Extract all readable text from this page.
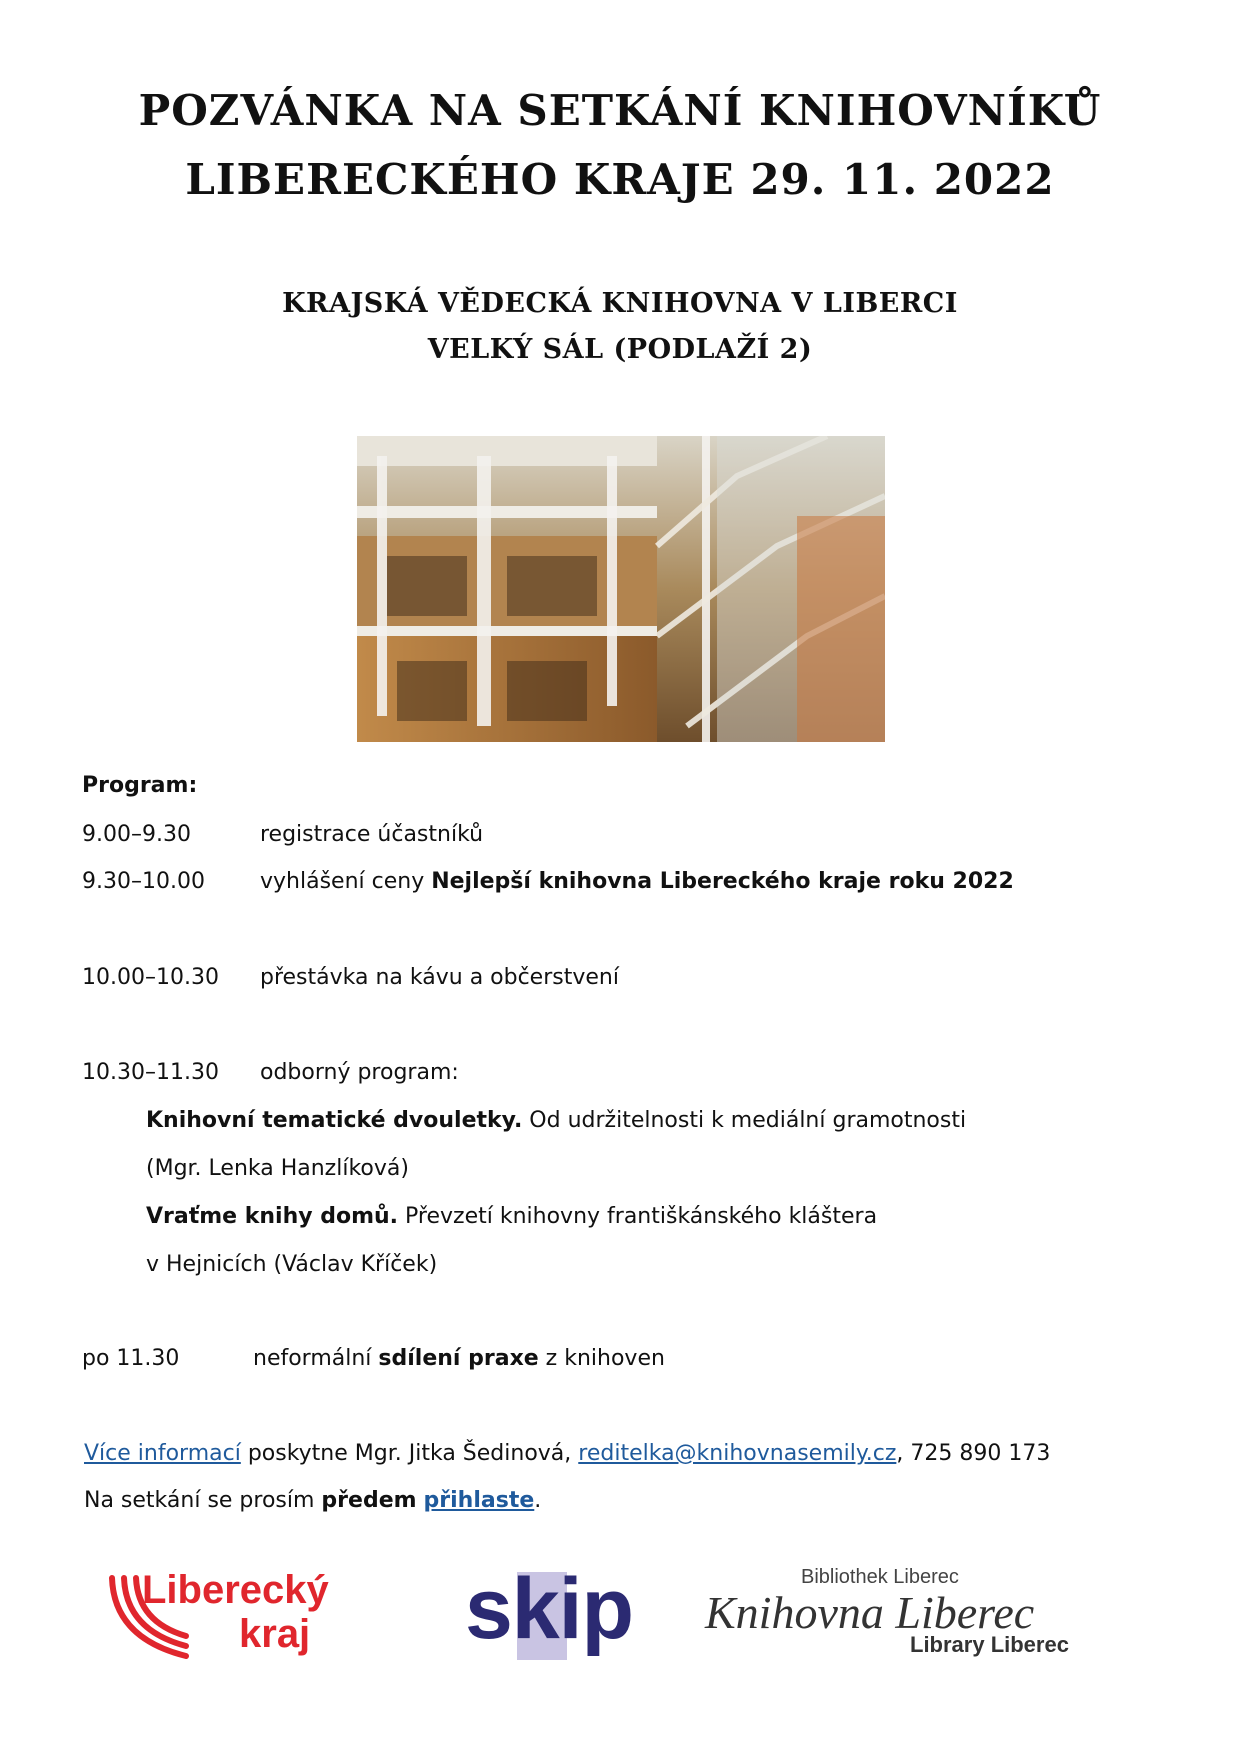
POZVÁNKA NA SETKÁNÍ KNIHOVNÍKŮ
LIBERECKÉHO KRAJE 29. 11. 2022
KRAJSKÁ VĚDECKÁ KNIHOVNA V LIBERCI
VELKÝ SÁL (PODLAŽÍ 2)
Program:
9.00–9.30	registrace účastníků
9.30–10.00	vyhlášení ceny Nejlepší knihovna Libereckého kraje roku 2022
10.00–10.30 přestávka na kávu a občerstvení
10.30–11.30 odborný program:
Knihovní tematické dvouletky. Od udržitelnosti k mediální gramotnosti
(Mgr. Lenka Hanzlíková)
Vraťme knihy domů. Převzetí knihovny františkánského kláštera
v Hejnicích (Václav Kříček)
po 11.30	neformální sdílení praxe z knihoven
Více informací poskytne Mgr. Jitka Šedinová, reditelka@knihovnasemily.cz, 725 890 173
Na setkání se prosím předem přihlaste.
Liberecký
kraj skip	Bibliothek Liberec
Knihovna Liberec
Library Liberec
